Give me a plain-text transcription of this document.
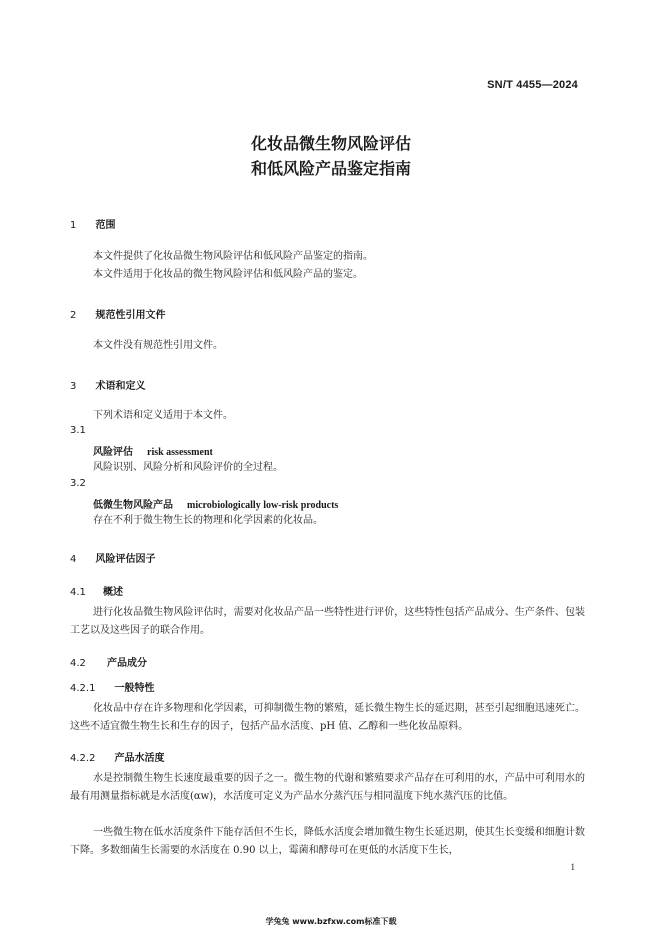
SN/T 4455—2024
化妆品微生物风险评估
和低风险产品鉴定指南
1 范围
本文件提供了化妆品微生物风险评估和低风险产品鉴定的指南。
本文件适用于化妆品的微生物风险评估和低风险产品的鉴定。
2 规范性引用文件
本文件没有规范性引用文件。
3 术语和定义
下列术语和定义适用于本文件。
3.1
风险评估 risk assessment
风险识别、风险分析和风险评价的全过程。
3.2
低微生物风险产品 microbiologically low-risk products
存在不利于微生物生长的物理和化学因素的化妆品。
4 风险评估因子
4.1 概述
进行化妆品微生物风险评估时，需要对化妆品产品一些特性进行评价，这些特性包括产品成分、生产条件、包装工艺以及这些因子的联合作用。
4.2 产品成分
4.2.1 一般特性
化妆品中存在许多物理和化学因素，可抑制微生物的繁殖，延长微生物生长的延迟期，甚至引起细胞迅速死亡。这些不适宜微生物生长和生存的因子，包括产品水活度、pH 值、乙醇和一些化妆品原料。
4.2.2 产品水活度
水是控制微生物生长速度最重要的因子之一。微生物的代谢和繁殖要求产品存在可利用的水，产品中可利用水的最有用测量指标就是水活度(αw)，水活度可定义为产品水分蒸汽压与相同温度下纯水蒸汽压的比值。
一些微生物在低水活度条件下能存活但不生长，降低水活度会增加微生物生长延迟期，使其生长变缓和细胞计数下降。多数细菌生长需要的水活度在 0.90 以上，霉菌和酵母可在更低的水活度下生长，
1
学兔兔 www.bzfxw.com标准下载
